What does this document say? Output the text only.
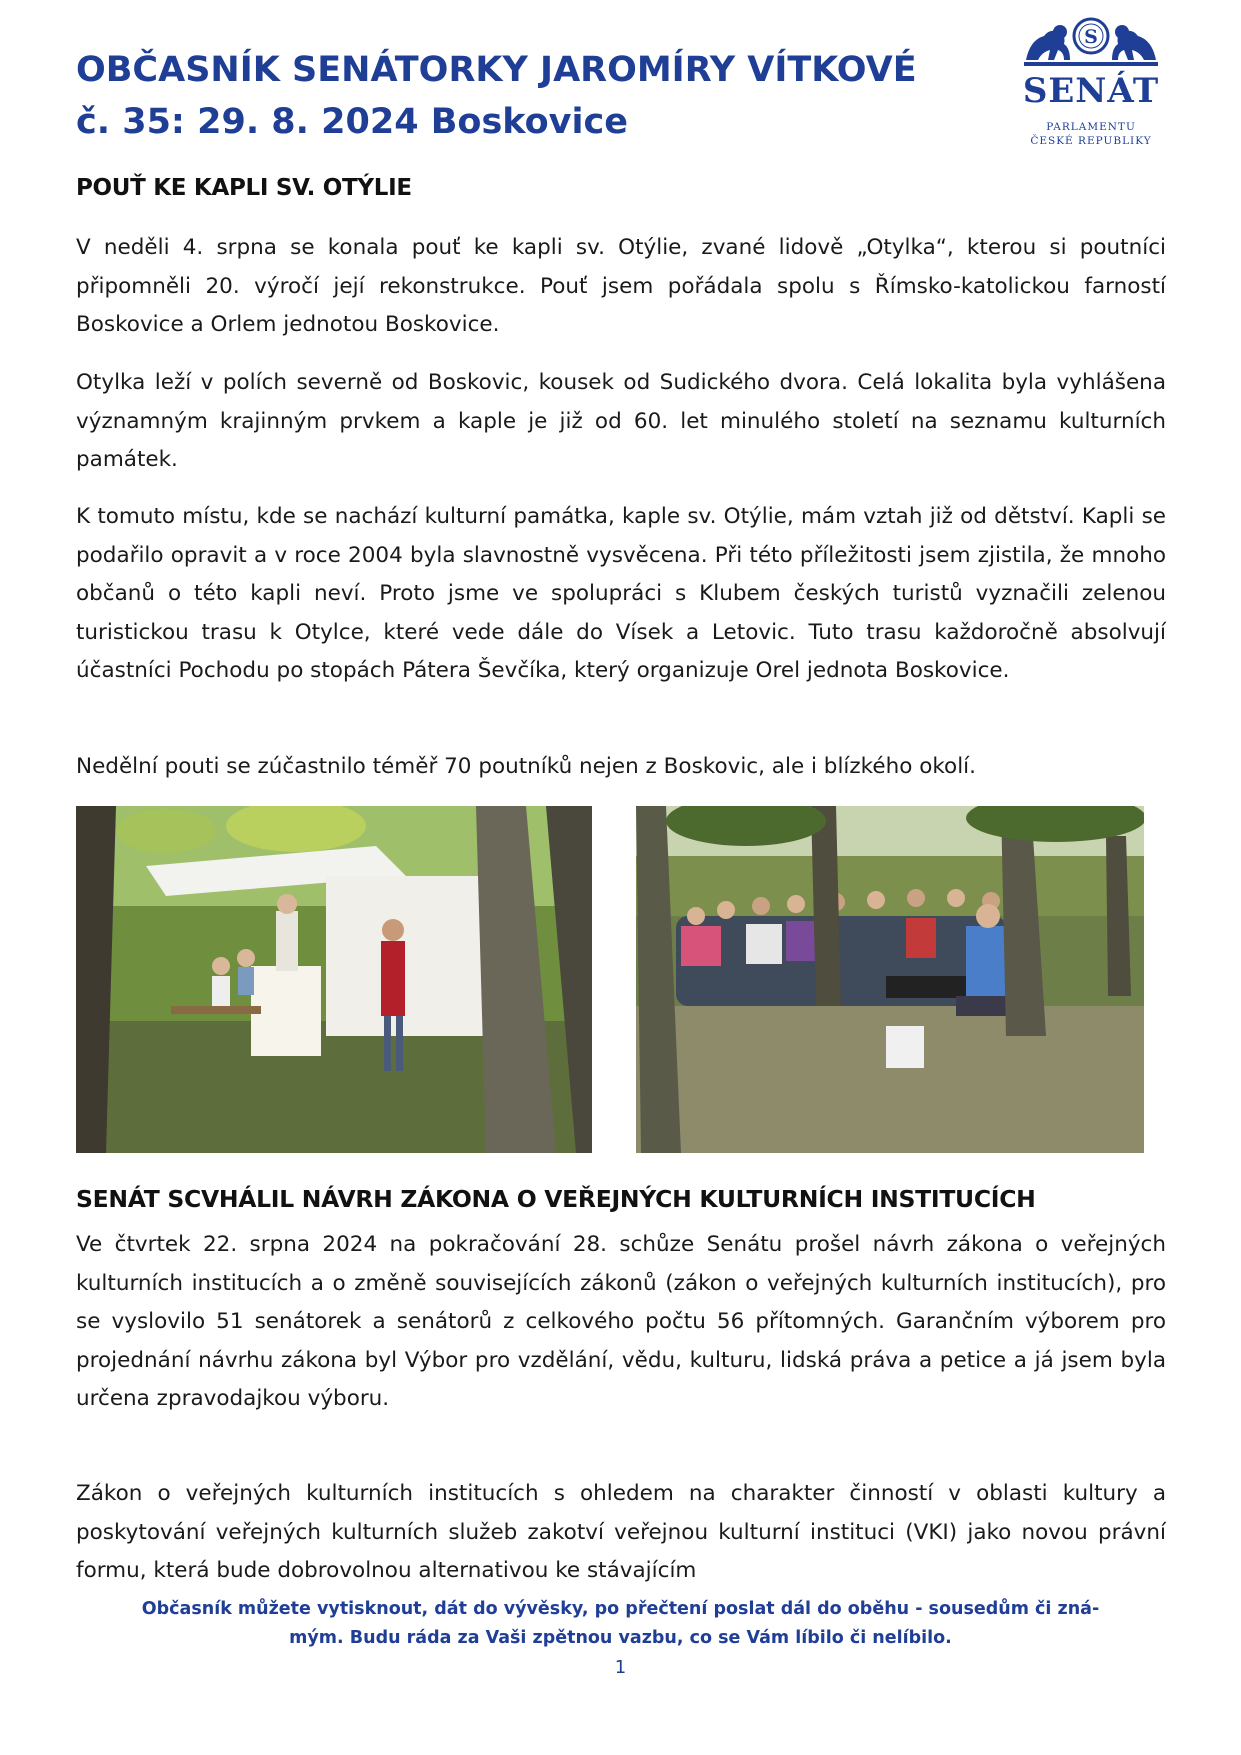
OBČASNÍK SENÁTORKY JAROMÍRY VÍTKOVÉ
č. 35: 29. 8. 2024 Boskovice
S
SENÁT
PARLAMENTU
ČESKÉ REPUBLIKY
POUŤ KE KAPLI SV. OTÝLIE

V neděli 4. srpna se konala pouť ke kapli sv. Otýlie, zvané lidově „Otylka“, kterou si poutníci připomněli 20. výročí její rekonstrukce. Pouť jsem pořádala spolu s Římsko-katolickou farností Boskovice a Orlem jednotou Boskovice.

Otylka leží v polích severně od Boskovic, kousek od Sudického dvora. Celá lokalita byla vyhlášena významným krajinným prvkem a kaple je již od 60. let minulého století na seznamu kulturních památek.

K tomuto místu, kde se nachází kulturní památka, kaple sv. Otýlie, mám vztah již od dětství. Kapli se podařilo opravit a v roce 2004 byla slavnostně vysvěcena. Při této příležitosti jsem zjistila, že mnoho občanů o této kapli neví. Proto jsme ve spolupráci s Klubem českých turistů vyznačili zelenou turistickou trasu k Otylce, které vede dále do Vísek a Letovic. Tuto trasu každoročně absolvují účastníci Pochodu po stopách Pátera Ševčíka, který organizuje Orel jednota Boskovice.

Nedělní pouti se zúčastnilo téměř 70 poutníků nejen z Boskovic, ale i blízkého okolí.

SENÁT SCVHÁLIL NÁVRH ZÁKONA O VEŘEJNÝCH KULTURNÍCH INSTITUCÍCH

Ve čtvrtek 22. srpna 2024 na pokračování 28. schůze Senátu prošel návrh zákona o veřejných kulturních institucích a o změně souvisejících zákonů (zákon o veřejných kulturních institucích), pro se vyslovilo 51 senátorek a senátorů z celkového počtu 56 přítomných. Garančním výborem pro projednání návrhu zákona byl Výbor pro vzdělání, vědu, kulturu, lidská práva a petice a já jsem byla určena zpravodajkou výboru.

Zákon o veřejných kulturních institucích s ohledem na charakter činností v oblasti kultury a poskytování veřejných kulturních služeb zakotví veřejnou kulturní instituci (VKI) jako novou právní formu, která bude dobrovolnou alternativou ke stávajícím

Občasník můžete vytisknout, dát do vývěsky, po přečtení poslat dál do oběhu - sousedům či zná-
mým. Budu ráda za Vaši zpětnou vazbu, co se Vám líbilo či nelíbilo.
1
